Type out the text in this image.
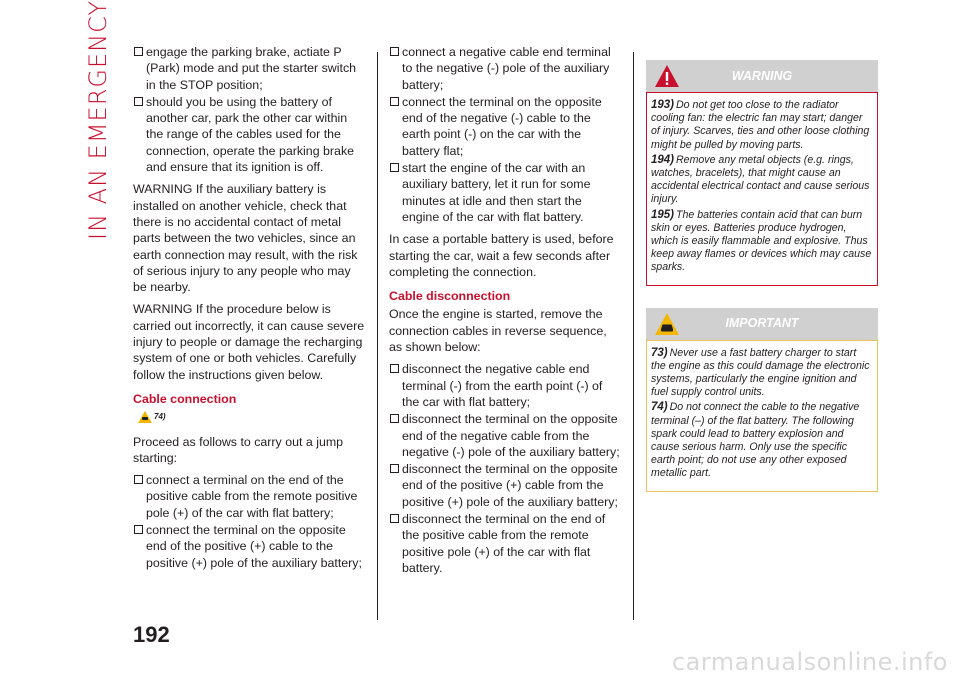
IN AN EMERGENCY	engage the parking brake, actiate P (Park) mode and put the starter switch in the STOP position;
should you be using the battery of another car, park the other car within the range of the cables used for the connection, operate the parking brake and ensure that its ignition is off.
WARNING If the auxiliary battery is installed on another vehicle, check that there is no accidental contact of metal parts between the two vehicles, since an earth connection may result, with the risk of serious injury to any people who may be nearby.
WARNING If the procedure below is carried out incorrectly, it can cause severe injury to people or damage the recharging system of one or both vehicles. Carefully follow the instructions given below.
Cable connection
74)
Proceed as follows to carry out a jump starting:
connect a terminal on the end of the positive cable from the remote positive pole (+) of the car with flat battery;
connect the terminal on the opposite end of the positive (+) cable to the positive (+) pole of the auxiliary battery;
connect a negative cable end terminal to the negative (-) pole of the auxiliary battery;
connect the terminal on the opposite end of the negative (-) cable to the earth point (-) on the car with the battery flat;
start the engine of the car with an auxiliary battery, let it run for some minutes at idle and then start the engine of the car with flat battery.
In case a portable battery is used, before starting the car, wait a few seconds after completing the connection.
Cable disconnection
Once the engine is started, remove the connection cables in reverse sequence, as shown below:
disconnect the negative cable end terminal (-) from the earth point (-) of the car with flat battery;
disconnect the terminal on the opposite end of the negative cable from the negative (-) pole of the auxiliary battery;
disconnect the terminal on the opposite end of the positive (+) cable from the positive (+) pole of the auxiliary battery;
disconnect the terminal on the end of the positive cable from the remote positive pole (+) of the car with flat battery.
WARNING
193) Do not get too close to the radiator cooling fan: the electric fan may start; danger of injury. Scarves, ties and other loose clothing might be pulled by moving parts.
194) Remove any metal objects (e.g. rings, watches, bracelets), that might cause an accidental electrical contact and cause serious injury.
195) The batteries contain acid that can burn skin or eyes. Batteries produce hydrogen, which is easily flammable and explosive. Thus keep away flames or devices which may cause sparks.
IMPORTANT
73) Never use a fast battery charger to start the engine as this could damage the electronic systems, particularly the engine ignition and fuel supply control units.
74) Do not connect the cable to the negative terminal (–) of the flat battery. The following spark could lead to battery explosion and cause serious harm. Only use the specific earth point; do not use any other exposed metallic part.
192
carmanualsonline.info
